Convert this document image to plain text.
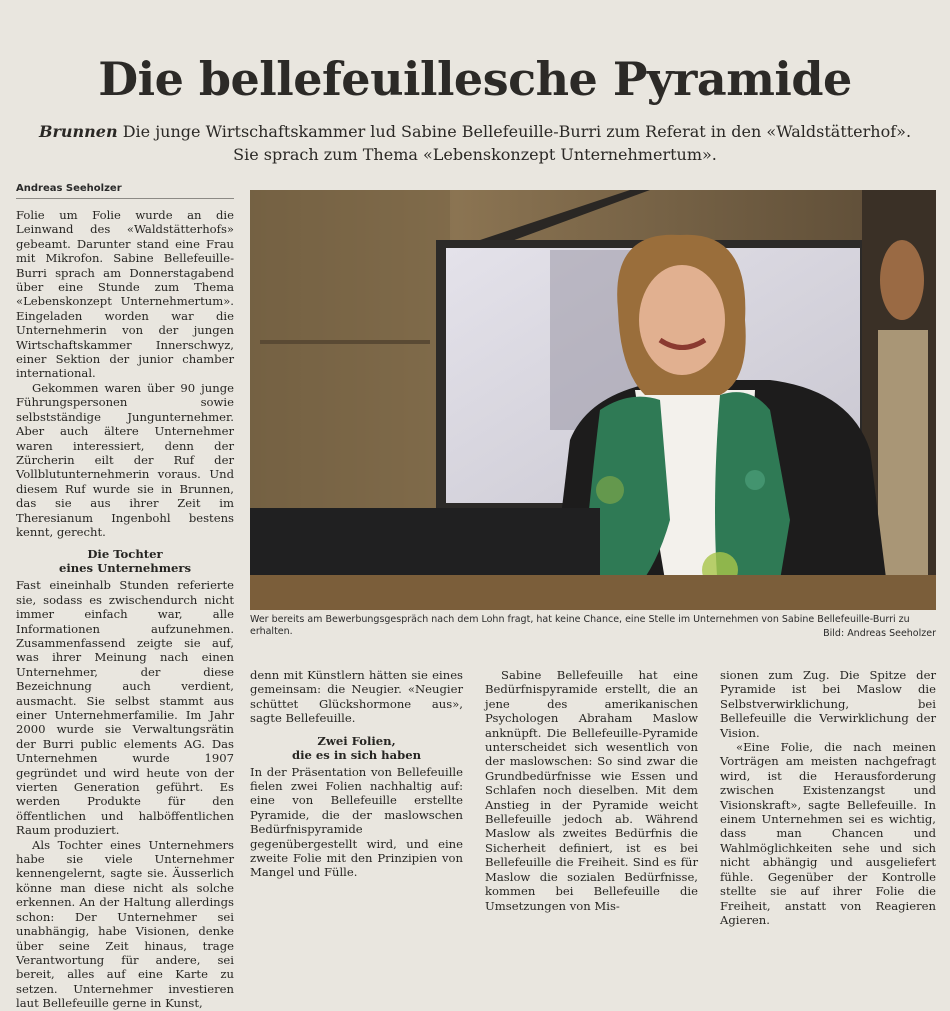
Die bellefeuillesche Pyramide
Brunnen Die junge Wirtschaftskammer lud Sabine Bellefeuille-Burri zum Referat in den «Waldstätterhof». Sie sprach zum Thema «Lebenskonzept Unternehmertum».
Andreas Seeholzer

Folie um Folie wurde an die Leinwand des «Waldstätterhofs» gebeamt. Darunter stand eine Frau mit Mikrofon. Sabine Bellefeuille-Burri sprach am Donnerstagabend über eine Stunde zum Thema «Lebenskonzept Unternehmertum». Eingeladen worden war die Unternehmerin von der jungen Wirtschaftskammer Innerschwyz, einer Sektion der junior chamber international.

Gekommen waren über 90 junge Führungspersonen sowie selbstständige Jungunternehmer. Aber auch ältere Unternehmer waren interessiert, denn der Zürcherin eilt der Ruf der Vollblutunternehmerin voraus. Und diesem Ruf wurde sie in Brunnen, das sie aus ihrer Zeit im Theresianum Ingenbohl bestens kennt, gerecht.

Die Tochter
eines Unternehmers

Fast eineinhalb Stunden referierte sie, sodass es zwischendurch nicht immer einfach war, alle Informationen aufzunehmen. Zusammenfassend zeigte sie auf, was ihrer Meinung nach einen Unternehmer, der diese Bezeichnung auch verdient, ausmacht. Sie selbst stammt aus einer Unternehmerfamilie. Im Jahr 2000 wurde sie Verwaltungsrätin der Burri public elements AG. Das Unternehmen wurde 1907 gegründet und wird heute von der vierten Generation geführt. Es werden Produkte für den öffentlichen und halböffentlichen Raum produziert.

Als Tochter eines Unternehmers habe sie viele Unternehmer kennengelernt, sagte sie. Äusserlich könne man diese nicht als solche erkennen. An der Haltung allerdings schon: Der Unternehmer sei unabhängig, habe Visionen, denke über seine Zeit hinaus, trage Verantwortung für andere, sei bereit, alles auf eine Karte zu setzen. Unternehmer investieren laut Bellefeuille gerne in Kunst,

Wer bereits am Bewerbungsgespräch nach dem Lohn fragt, hat keine Chance, eine Stelle im Unternehmen von Sabine Bellefeuille-Burri zu erhalten.	Bild: Andreas Seeholzer

denn mit Künstlern hätten sie eines gemeinsam: die Neugier. «Neugier schüttet Glückshormone aus», sagte Bellefeuille.

Zwei Folien,
die es in sich haben

In der Präsentation von Bellefeuille fielen zwei Folien nachhaltig auf: eine von Bellefeuille erstellte Pyramide, die der maslowschen Bedürfnispyramide gegenübergestellt wird, und eine zweite Folie mit den Prinzipien von Mangel und Fülle.

Sabine Bellefeuille hat eine Bedürfnispyramide erstellt, die an jene des amerikanischen Psychologen Abraham Maslow anknüpft. Die Bellefeuille-Pyramide unterscheidet sich wesentlich von der maslowschen: So sind zwar die Grundbedürfnisse wie Essen und Schlafen noch dieselben. Mit dem Anstieg in der Pyramide weicht Bellefeuille jedoch ab. Während Maslow als zweites Bedürfnis die Sicherheit definiert, ist es bei Bellefeuille die Freiheit. Sind es für Maslow die sozialen Bedürfnisse, kommen bei Bellefeuille die Umsetzungen von Mis-

sionen zum Zug. Die Spitze der Pyramide ist bei Maslow die Selbstverwirklichung, bei Bellefeuille die Verwirklichung der Vision.

«Eine Folie, die nach meinen Vorträgen am meisten nachgefragt wird, ist die Herausforderung zwischen Existenzangst und Visionskraft», sagte Bellefeuille. In einem Unternehmen sei es wichtig, dass man Chancen und Wahlmöglichkeiten sehe und sich nicht abhängig und ausgeliefert fühle. Gegenüber der Kontrolle stellte sie auf ihrer Folie die Freiheit, anstatt von Reagieren Agieren.
